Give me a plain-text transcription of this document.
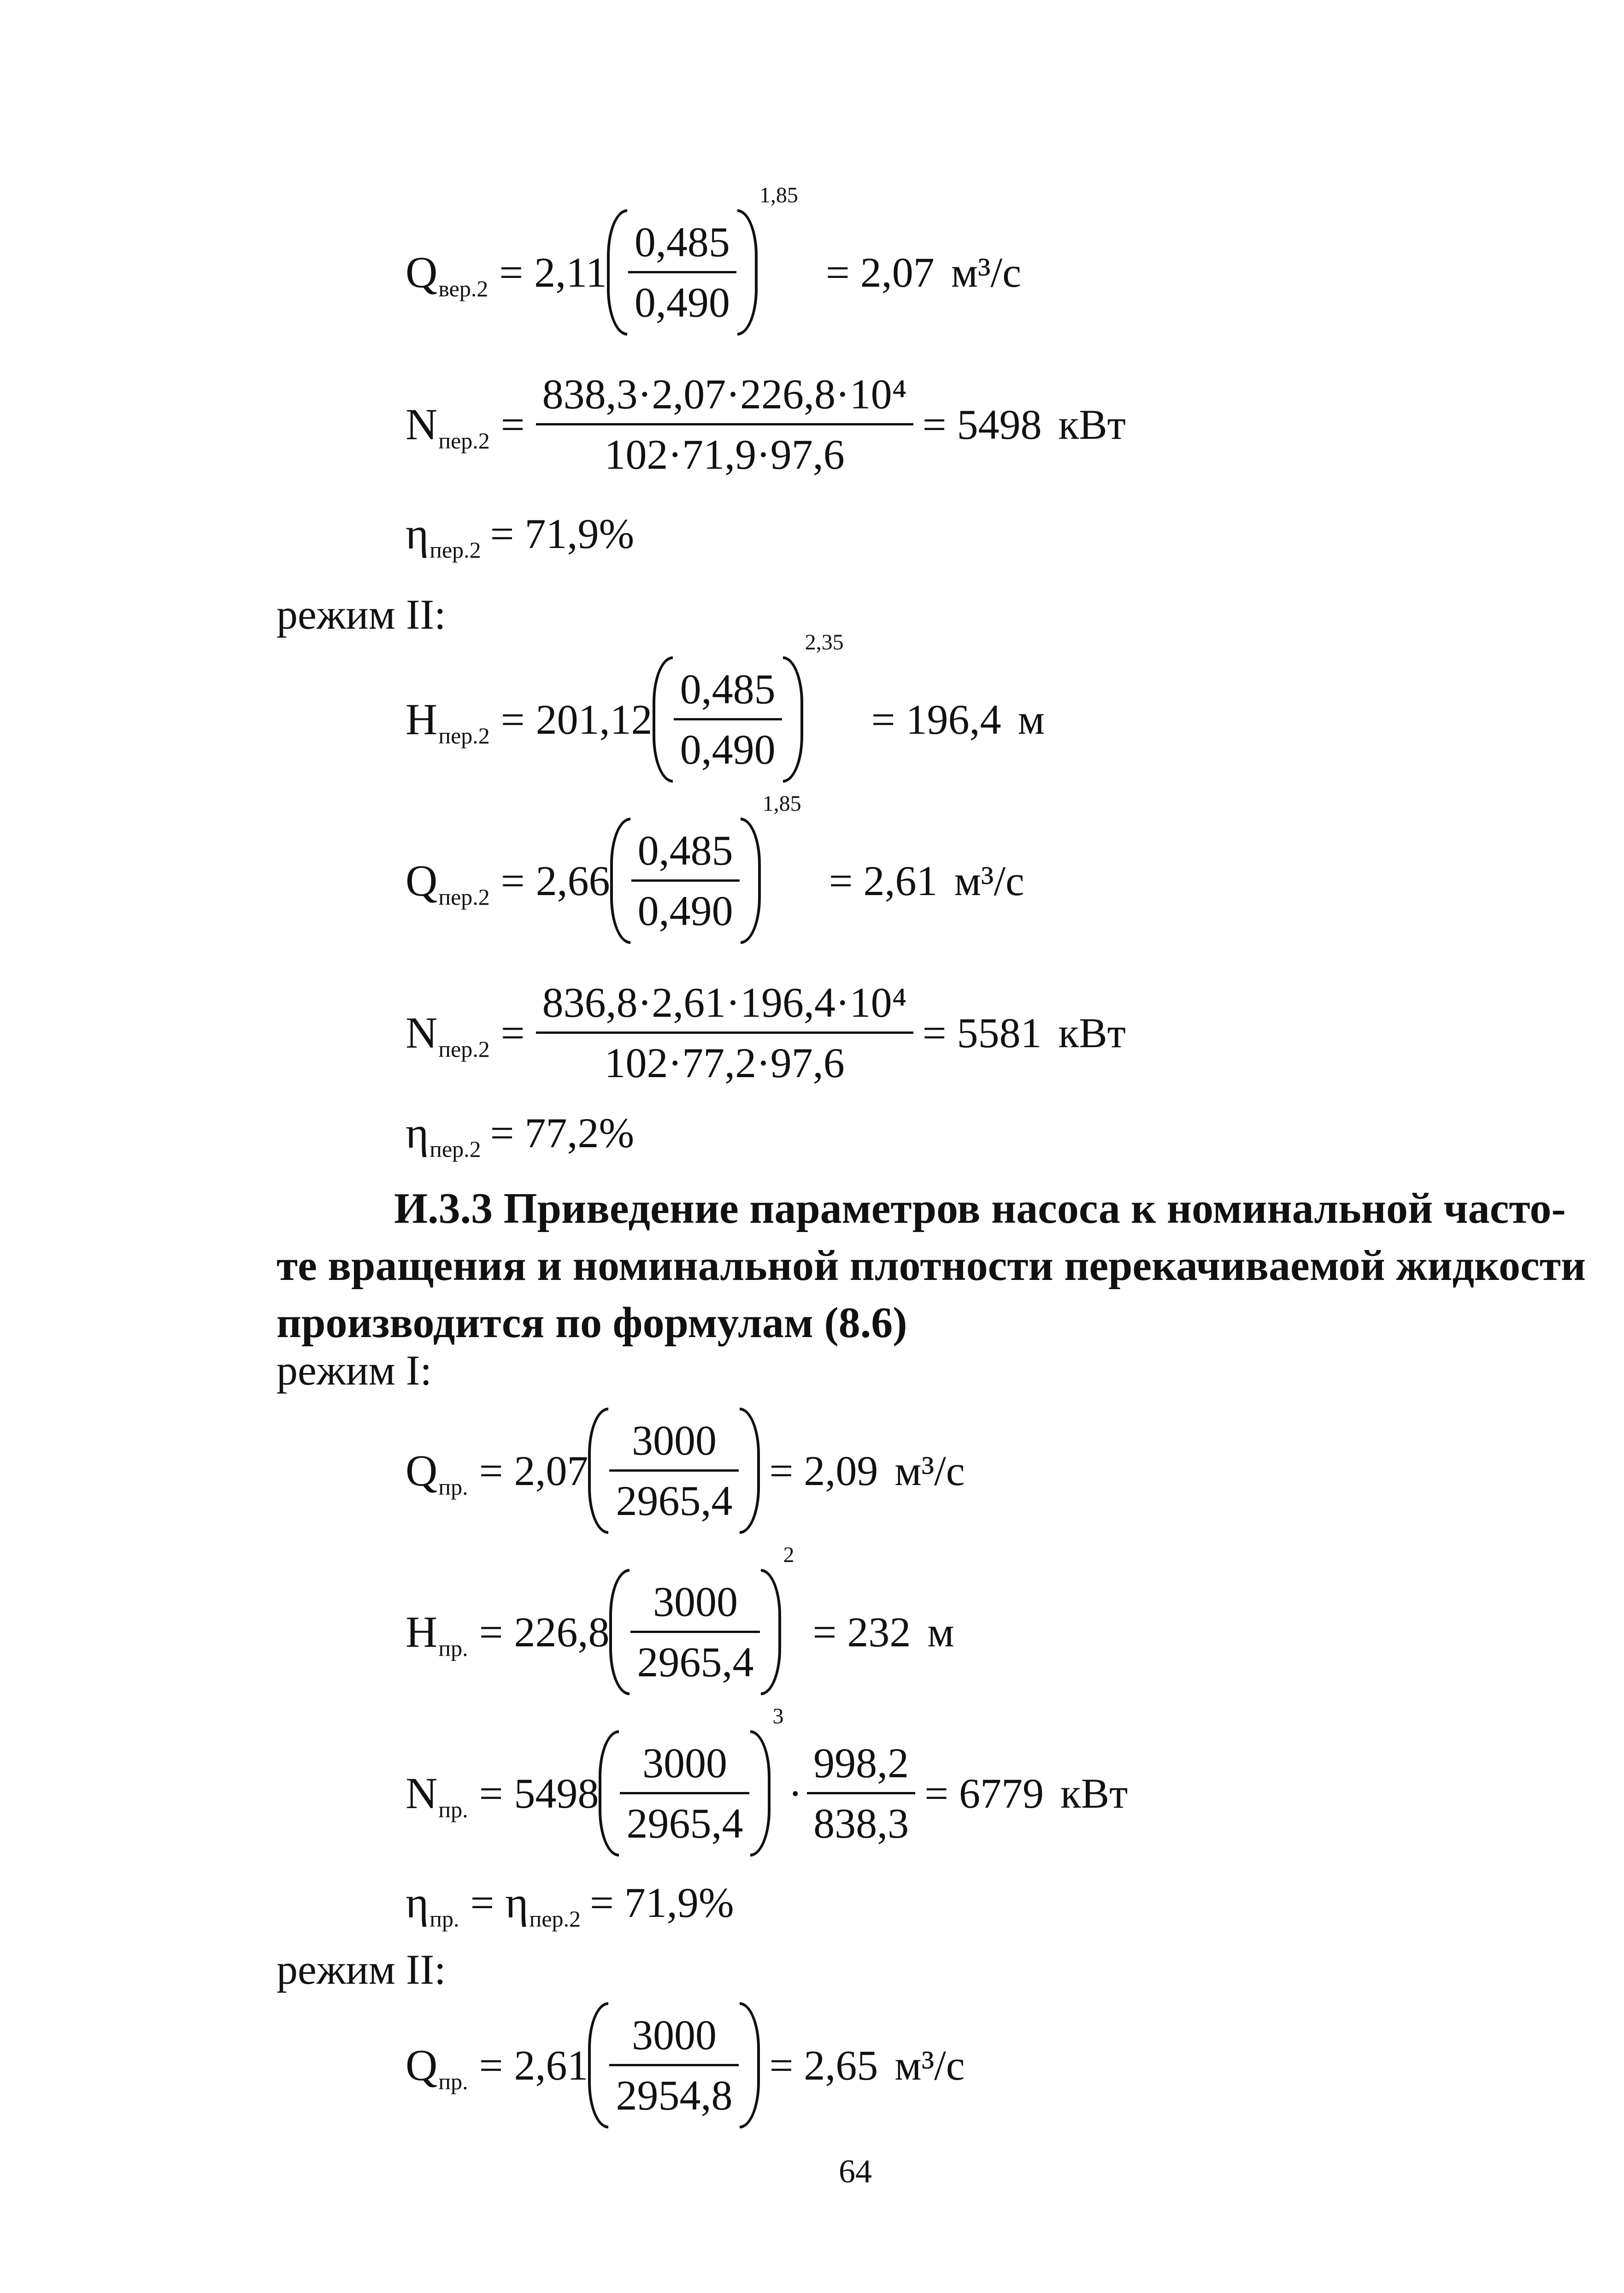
Q вер.2 = 2,11
0,485
0,490
1,85
= 2,07 м³/с
N пер.2 =
838,3·2,07·226,8·10⁴
102·71,9·97,6
= 5498 кВт
η пер.2 = 71,9%
режим II:
H пер.2 = 201,12
0,485
0,490
2,35
= 196,4 м
Q пер.2 = 2,66
0,485
0,490
1,85
= 2,61 м³/с
N пер.2 =
836,8·2,61·196,4·10⁴
102·77,2·97,6
= 5581 кВт
η пер.2 = 77,2%
И.3.3 Приведение параметров насоса к номинальной часто-
те вращения и номинальной плотности перекачиваемой жидкости
производится по формулам (8.6)
режим I:
Q пр. = 2,07
3000
2965,4
= 2,09 м³/с
H пр. = 226,8
3000
2965,4
2
= 232 м
N пр. = 5498
3000
2965,4
3
·
998,2
838,3
= 6779 кВт
η пр. = η пер.2 = 71,9%
режим II:
Q пр. = 2,61
3000
2954,8
= 2,65 м³/с
64
